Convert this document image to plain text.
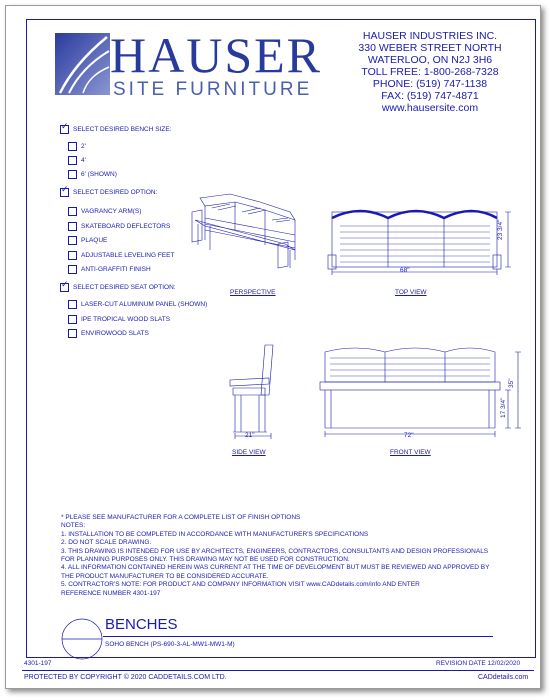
HAUSER
SITE FURNITURE
HAUSER INDUSTRIES INC.
330 WEBER STREET NORTH
WATERLOO, ON N2J 3H6
TOLL FREE: 1-800-268-7328
PHONE: (519) 747-1138
FAX: (519) 747-4871
www.hausersite.com
✓
SELECT DESIRED BENCH SIZE:
2'
4'
6' (SHOWN)
✓
SELECT DESIRED OPTION:
VAGRANCY ARM(S)
SKATEBOARD DEFLECTORS
PLAQUE
ADJUSTABLE LEVELING FEET
ANTI-GRAFFITI FINISH
✓
SELECT DESIRED SEAT OPTION:
LASER-CUT ALUMINUM PANEL (SHOWN)
IPE TROPICAL WOOD SLATS
ENVIROWOOD SLATS
PERSPECTIVE
68"
23 3/4"
TOP VIEW
21"
SIDE VIEW
72"
35"
17 3/4"
FRONT VIEW
* PLEASE SEE MANUFACTURER FOR A COMPLETE LIST OF FINISH OPTIONS
NOTES:
1. INSTALLATION TO BE COMPLETED IN ACCORDANCE WITH MANUFACTURER'S SPECIFICATIONS
2. DO NOT SCALE DRAWING.
3. THIS DRAWING IS INTENDED FOR USE BY ARCHITECTS, ENGINEERS, CONTRACTORS, CONSULTANTS AND DESIGN PROFESSIONALS
FOR PLANNING PURPOSES ONLY. THIS DRAWING MAY NOT BE USED FOR CONSTRUCTION.
4. ALL INFORMATION CONTAINED HEREIN WAS CURRENT AT THE TIME OF DEVELOPMENT BUT MUST BE REVIEWED AND APPROVED BY
THE PRODUCT MANUFACTURER TO BE CONSIDERED ACCURATE.
5. CONTRACTOR'S NOTE: FOR PRODUCT AND COMPANY INFORMATION VISIT www.CADdetails.com/info AND ENTER
REFERENCE NUMBER 4301-197
BENCHES
SOHO BENCH (PS-690-3-AL-MW1-MW1-M)
4301-197	REVISION DATE 12/02/2020
PROTECTED BY COPYRIGHT © 2020 CADDETAILS.COM LTD.	CADdetails.com
